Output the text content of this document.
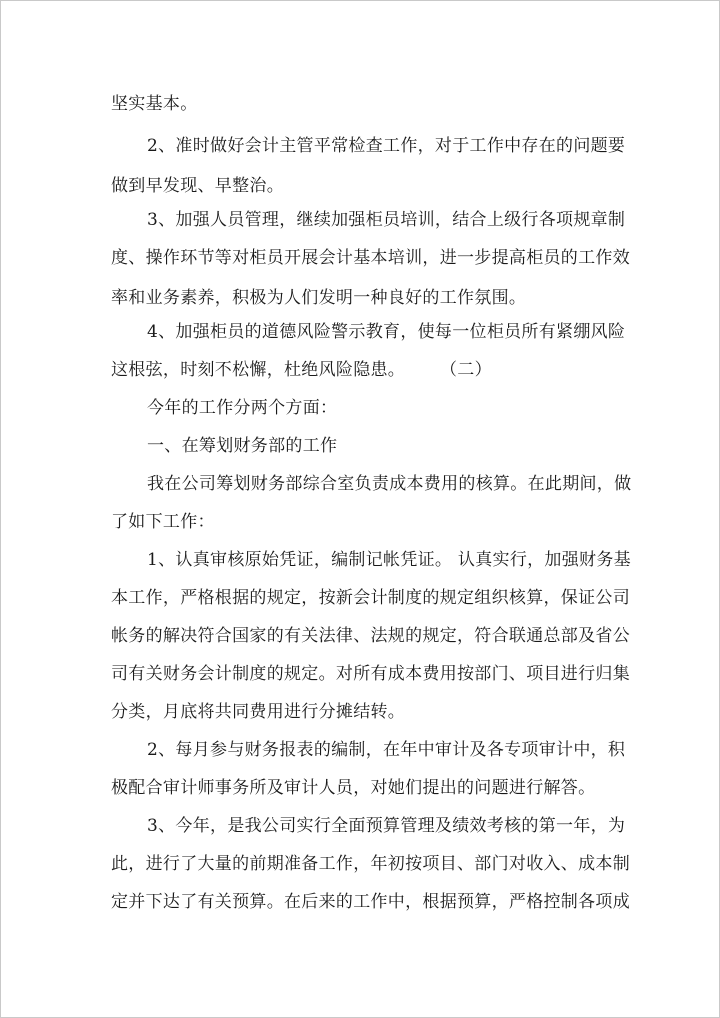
坚实基本。
2、准时做好会计主管平常检查工作，对于工作中存在的问题要
做到早发现、早整治。
3、加强人员管理，继续加强柜员培训，结合上级行各项规章制
度、操作环节等对柜员开展会计基本培训，进一步提高柜员的工作效
率和业务素养，积极为人们发明一种良好的工作氛围。
4、加强柜员的道德风险警示教育，使每一位柜员所有紧绷风险
这根弦，时刻不松懈，杜绝风险隐患。　　　（二）
今年的工作分两个方面：
一、在筹划财务部的工作
我在公司筹划财务部综合室负责成本费用的核算。在此期间，做
了如下工作：
1、认真审核原始凭证，编制记帐凭证。 认真实行，加强财务基
本工作，严格根据的规定，按新会计制度的规定组织核算，保证公司
帐务的解决符合国家的有关法律、法规的规定，符合联通总部及省公
司有关财务会计制度的规定。对所有成本费用按部门、项目进行归集
分类，月底将共同费用进行分摊结转。
2、每月参与财务报表的编制，在年中审计及各专项审计中，积
极配合审计师事务所及审计人员，对她们提出的问题进行解答。
3、今年，是我公司实行全面预算管理及绩效考核的第一年，为
此，进行了大量的前期准备工作，年初按项目、部门对收入、成本制
定并下达了有关预算。在后来的工作中，根据预算，严格控制各项成
